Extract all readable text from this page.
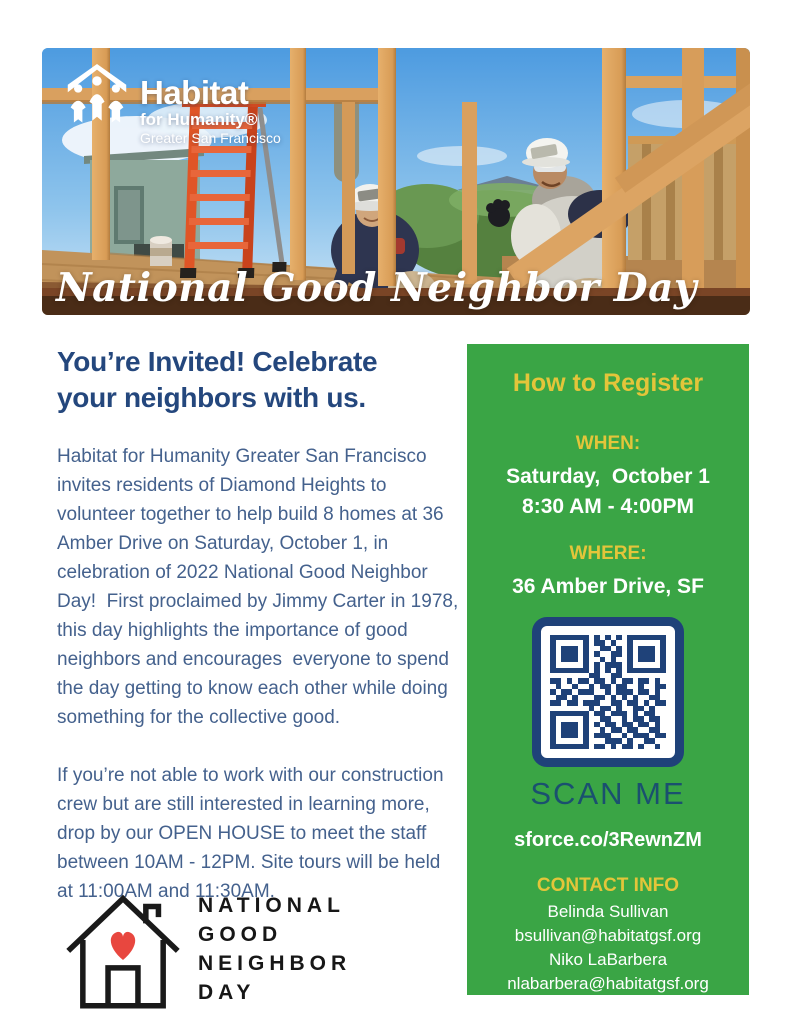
Habitat
for Humanity®
Greater San Francisco
National Good Neighbor Day
You’re Invited! Celebrate
your neighbors with us.
Habitat for Humanity Greater San Francisco invites residents of Diamond Heights to volunteer together to help build 8 homes at 36 Amber Drive on Saturday, October 1, in celebration of 2022 National Good Neighbor Day!  First proclaimed by Jimmy Carter in 1978, this day highlights the importance of good neighbors and encourages  everyone to spend the day getting to know each other while doing something for the collective good.
If you’re not able to work with our construction crew but are still interested in learning more, drop by our OPEN HOUSE to meet the staff between 10AM - 12PM. Site tours will be held at 11:00AM and 11:30AM.
NATIONAL
GOOD
NEIGHBOR
DAY
How to Register
WHEN:
Saturday,  October 1
8:30 AM - 4:00PM
WHERE:
36 Amber Drive, SF
SCAN ME
sforce.co/3RewnZM
CONTACT INFO
Belinda Sullivan
bsullivan@habitatgsf.org
Niko LaBarbera
nlabarbera@habitatgsf.org
Phone: 415.625.1012
